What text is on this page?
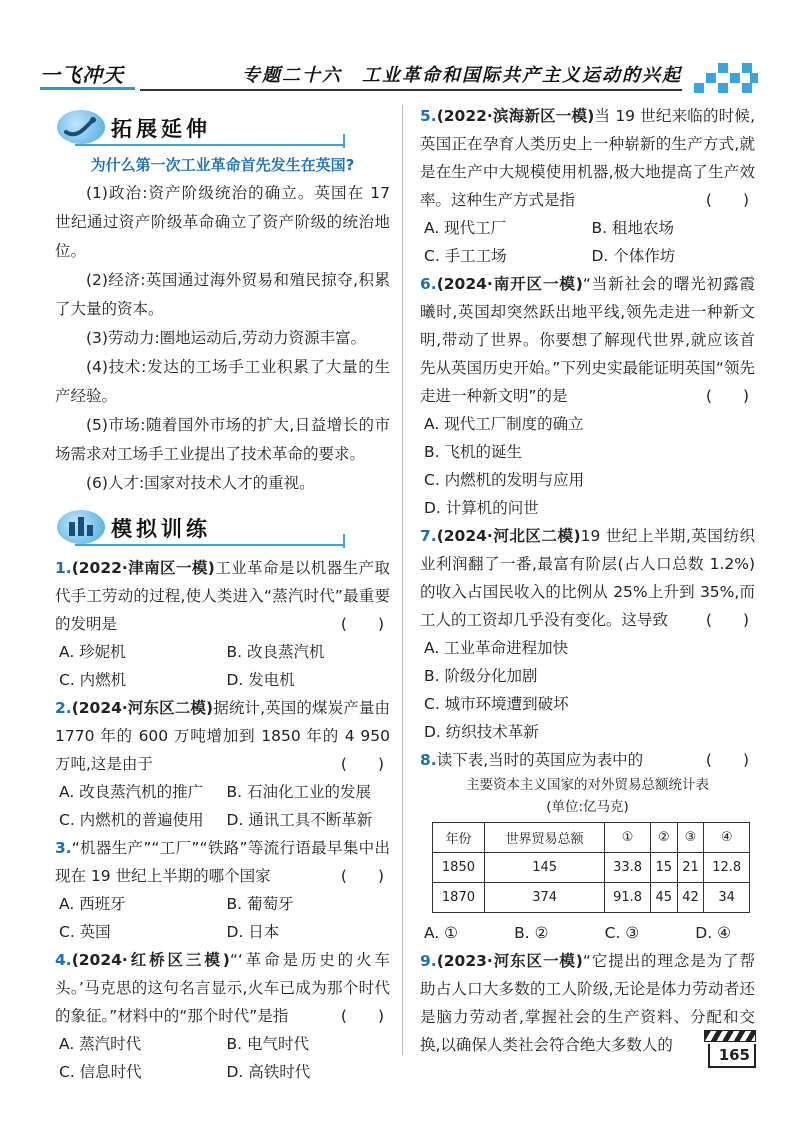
一飞冲天	专题二十六　工业革命和国际共产主义运动的兴起
拓展延伸
为什么第一次工业革命首先发生在英国?

(1)政治:资产阶级统治的确立。英国在 17 世纪通过资产阶级革命确立了资产阶级的统治地位。

(2)经济:英国通过海外贸易和殖民掠夺,积累了大量的资本。

(3)劳动力:圈地运动后,劳动力资源丰富。

(4)技术:发达的工场手工业积累了大量的生产经验。

(5)市场:随着国外市场的扩大,日益增长的市场需求对工场手工业提出了技术革命的要求。

(6)人才:国家对技术人才的重视。

模拟训练

1.(2022·津南区一模)工业革命是以机器生产取代手工劳动的过程,使人类进入“蒸汽时代”最重要的发明是	(　　)

A. 珍妮机	B. 改良蒸汽机
C. 内燃机	D. 发电机

2.(2024·河东区二模)据统计,英国的煤炭产量由1770 年的 600 万吨增加到 1850 年的 4 950 万吨,这是由于	(　　)

A. 改良蒸汽机的推广	B. 石油化工业的发展
C. 内燃机的普遍使用	D. 通讯工具不断革新

3.“机器生产”“工厂”“铁路”等流行语最早集中出现在 19 世纪上半期的哪个国家	(　　)

A. 西班牙	B. 葡萄牙
C. 英国	D. 日本

4.(2024·红桥区三模)“‘革命是历史的火车头。’马克思的这句名言显示,火车已成为那个时代的象征。”材料中的“那个时代”是指	(　　)

A. 蒸汽时代	B. 电气时代
C. 信息时代	D. 高铁时代

5.(2022·滨海新区一模)当 19 世纪来临的时候,英国正在孕育人类历史上一种崭新的生产方式,就是在生产中大规模使用机器,极大地提高了生产效率。这种生产方式是指	(　　)

A. 现代工厂	B. 租地农场
C. 手工工场	D. 个体作坊

6.(2024·南开区一模)“当新社会的曙光初露霞曦时,英国却突然跃出地平线,领先走进一种新文明,带动了世界。你要想了解现代世界,就应该首先从英国历史开始。”下列史实最能证明英国“领先走进一种新文明”的是	(　　)

A. 现代工厂制度的确立
B. 飞机的诞生
C. 内燃机的发明与应用
D. 计算机的问世

7.(2024·河北区二模)19 世纪上半期,英国纺织业利润翻了一番,最富有阶层(占人口总数 1.2%)的收入占国民收入的比例从 25%上升到 35%,而工人的工资却几乎没有变化。这导致 (　　)

A. 工业革命进程加快
B. 阶级分化加剧
C. 城市环境遭到破坏
D. 纺织技术革新

8.读下表,当时的英国应为表中的	(　　)

主要资本主义国家的对外贸易总额统计表
(单位:亿马克)
年份	世界贸易总额	①	②	③	④
1850	145	33.8	15	21	12.8
1870	374	91.8	45	42	34
A. ①	B. ②	C. ③	D. ④

9.(2023·河东区一模)“它提出的理念是为了帮助占人口大多数的工人阶级,无论是体力劳动者还是脑力劳动者,掌握社会的生产资料、分配和交换,以确保人类社会符合绝大多数人的

165
